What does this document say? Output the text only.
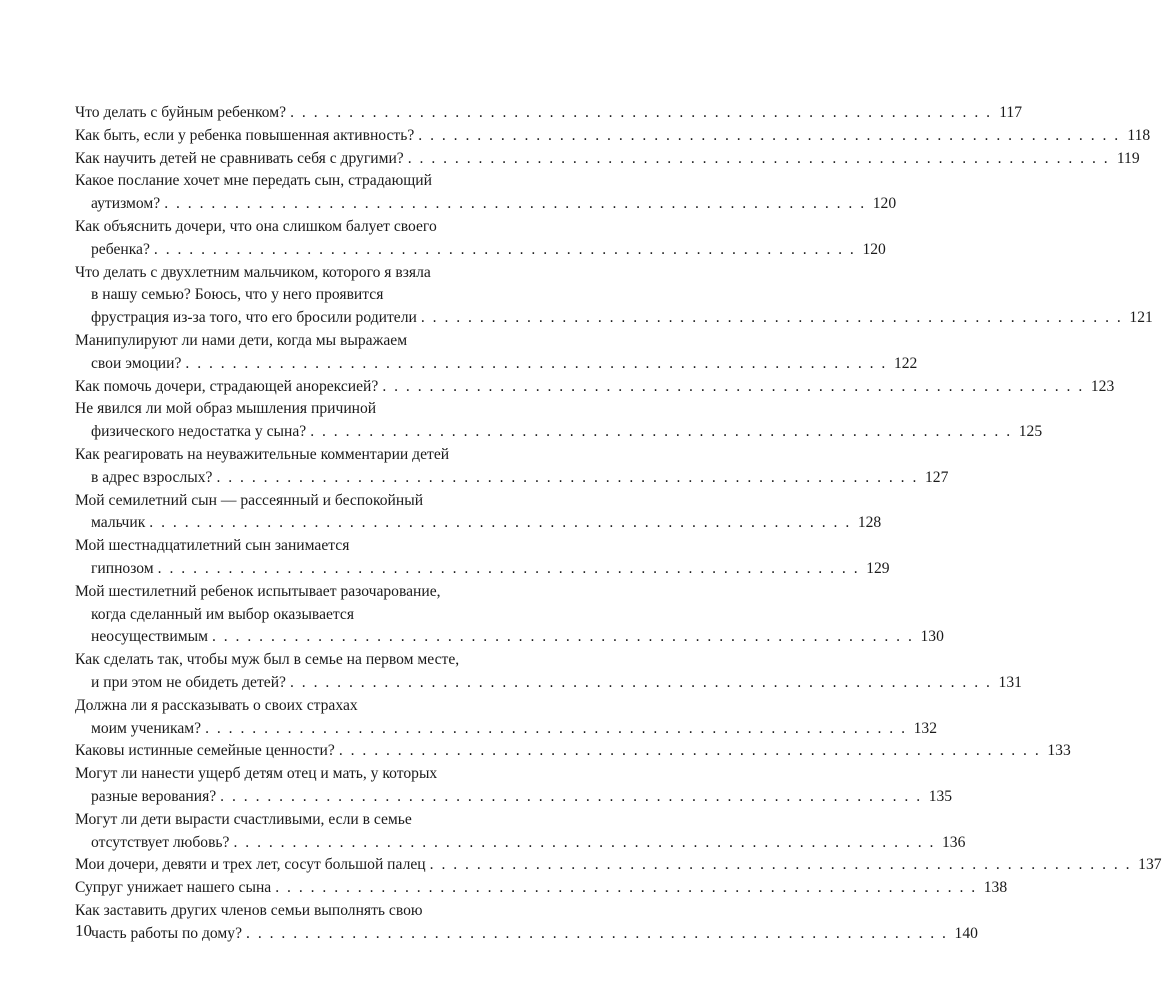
Что делать с буйным ребенком? . . . . . . . . . . . . . . . . . . . . . . . . . . . . . . . . . . . . . . . . . . . . . . . . . . . . . . . . . . . . 117
Как быть, если у ребенка повышенная активность? . . . . . . . . . . . . . . . . . . . . . . . . . . . . . . . . . . . . . . . . . . . . . . . . . . . . . . . . . . . . 118
Как научить детей не сравнивать себя с другими? . . . . . . . . . . . . . . . . . . . . . . . . . . . . . . . . . . . . . . . . . . . . . . . . . . . . . . . . . . . . 119
Какое послание хочет мне передать сын, страдающий
аутизмом? . . . . . . . . . . . . . . . . . . . . . . . . . . . . . . . . . . . . . . . . . . . . . . . . . . . . . . . . . . . . 120
Как объяснить дочери, что она слишком балует своего
ребенка? . . . . . . . . . . . . . . . . . . . . . . . . . . . . . . . . . . . . . . . . . . . . . . . . . . . . . . . . . . . . 120
Что делать с двухлетним мальчиком, которого я взяла
в нашу семью? Боюсь, что у него проявится
фрустрация из-за того, что его бросили родители . . . . . . . . . . . . . . . . . . . . . . . . . . . . . . . . . . . . . . . . . . . . . . . . . . . . . . . . . . . . 121
Манипулируют ли нами дети, когда мы выражаем
свои эмоции? . . . . . . . . . . . . . . . . . . . . . . . . . . . . . . . . . . . . . . . . . . . . . . . . . . . . . . . . . . . . 122
Как помочь дочери, страдающей анорексией? . . . . . . . . . . . . . . . . . . . . . . . . . . . . . . . . . . . . . . . . . . . . . . . . . . . . . . . . . . . . 123
Не явился ли мой образ мышления причиной
физического недостатка у сына? . . . . . . . . . . . . . . . . . . . . . . . . . . . . . . . . . . . . . . . . . . . . . . . . . . . . . . . . . . . . 125
Как реагировать на неуважительные комментарии детей
в адрес взрослых? . . . . . . . . . . . . . . . . . . . . . . . . . . . . . . . . . . . . . . . . . . . . . . . . . . . . . . . . . . . . 127
Мой семилетний сын — рассеянный и беспокойный
мальчик . . . . . . . . . . . . . . . . . . . . . . . . . . . . . . . . . . . . . . . . . . . . . . . . . . . . . . . . . . . . 128
Мой шестнадцатилетний сын занимается
гипнозом . . . . . . . . . . . . . . . . . . . . . . . . . . . . . . . . . . . . . . . . . . . . . . . . . . . . . . . . . . . . 129
Мой шестилетний ребенок испытывает разочарование,
когда сделанный им выбор оказывается
неосуществимым . . . . . . . . . . . . . . . . . . . . . . . . . . . . . . . . . . . . . . . . . . . . . . . . . . . . . . . . . . . . 130
Как сделать так, чтобы муж был в семье на первом месте,
и при этом не обидеть детей? . . . . . . . . . . . . . . . . . . . . . . . . . . . . . . . . . . . . . . . . . . . . . . . . . . . . . . . . . . . . 131
Должна ли я рассказывать о своих страхах
моим ученикам? . . . . . . . . . . . . . . . . . . . . . . . . . . . . . . . . . . . . . . . . . . . . . . . . . . . . . . . . . . . . 132
Каковы истинные семейные ценности? . . . . . . . . . . . . . . . . . . . . . . . . . . . . . . . . . . . . . . . . . . . . . . . . . . . . . . . . . . . . 133
Могут ли нанести ущерб детям отец и мать, у которых
разные верования? . . . . . . . . . . . . . . . . . . . . . . . . . . . . . . . . . . . . . . . . . . . . . . . . . . . . . . . . . . . . 135
Могут ли дети вырасти счастливыми, если в семье
отсутствует любовь? . . . . . . . . . . . . . . . . . . . . . . . . . . . . . . . . . . . . . . . . . . . . . . . . . . . . . . . . . . . . 136
Мои дочери, девяти и трех лет, сосут большой палец . . . . . . . . . . . . . . . . . . . . . . . . . . . . . . . . . . . . . . . . . . . . . . . . . . . . . . . . . . . . 137
Супруг унижает нашего сына . . . . . . . . . . . . . . . . . . . . . . . . . . . . . . . . . . . . . . . . . . . . . . . . . . . . . . . . . . . . 138
Как заставить других членов семьи выполнять свою
часть работы по дому? . . . . . . . . . . . . . . . . . . . . . . . . . . . . . . . . . . . . . . . . . . . . . . . . . . . . . . . . . . . . 140
10
